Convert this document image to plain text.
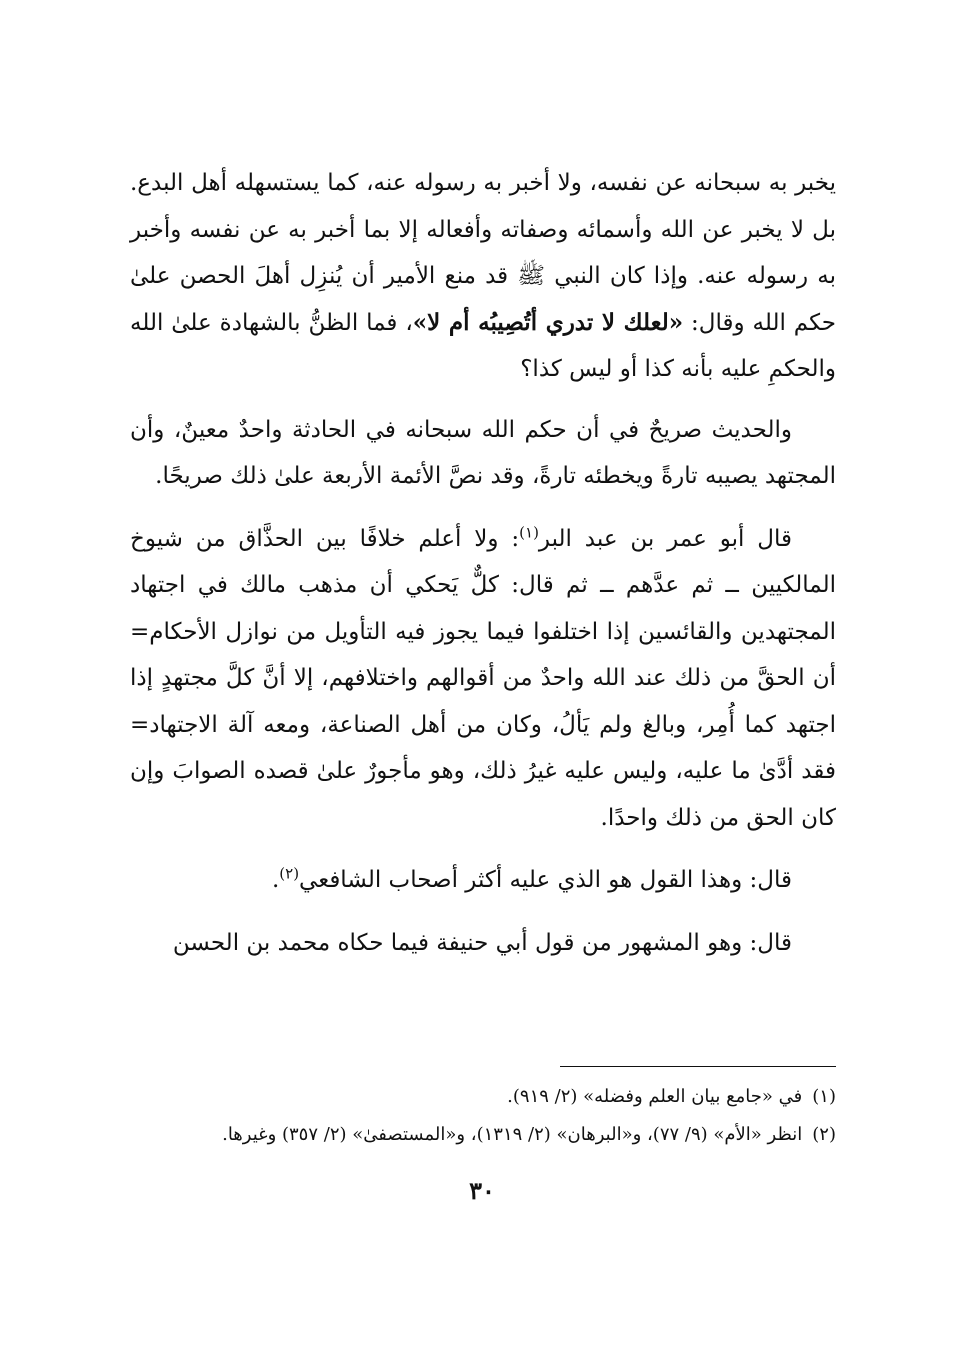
يخبر به سبحانه عن نفسه، ولا أخبر به رسوله عنه، كما يستسهله أهل البدع. بل لا يخبر عن الله وأسمائه وصفاته وأفعاله إلا بما أخبر به عن نفسه وأخبر به رسوله عنه. وإذا كان النبي ﷺ قد منع الأمير أن يُنزِل أهلَ الحصن علىٰ حكم الله وقال: «لعلك لا تدري أتُصِيبُه أم لا»، فما الظنُّ بالشهادة علىٰ الله والحكمِ عليه بأنه كذا أو ليس كذا؟

والحديث صريحٌ في أن حكم الله سبحانه في الحادثة واحدٌ معينٌ، وأن المجتهد يصيبه تارةً ويخطئه تارةً، وقد نصَّ الأئمة الأربعة علىٰ ذلك صريحًا.

قال أبو عمر بن عبد البر$^{(١)}$: ولا أعلم خلافًا بين الحذَّاق من شيوخ المالكيين ــ ثم عدَّهم ــ ثم قال: كلٌّ يَحكي أن مذهب مالك في اجتهاد المجتهدين والقائسين إذا اختلفوا فيما يجوز فيه التأويل من نوازل الأحكام= أن الحقَّ من ذلك عند الله واحدٌ من أقوالهم واختلافهم، إلا أنَّ كلَّ مجتهدٍ إذا اجتهد كما أُمِر، وبالغ ولم يَألُ، وكان من أهل الصناعة، ومعه آلة الاجتهاد= فقد أدَّىٰ ما عليه، وليس عليه غيرُ ذلك، وهو مأجورٌ علىٰ قصده الصوابَ وإن كان الحق من ذلك واحدًا.

قال: وهذا القول هو الذي عليه أكثر أصحاب الشافعي$^{(٢)}$.

قال: وهو المشهور من قول أبي حنيفة فيما حكاه محمد بن الحسن

(١)في «جامع بيان العلم وفضله» (٢/ ٩١٩).

(٢)انظر «الأم» (٩/ ٧٧)، و«البرهان» (٢/ ١٣١٩)، و«المستصفىٰ» (٢/ ٣٥٧) وغيرها.

٣٠
